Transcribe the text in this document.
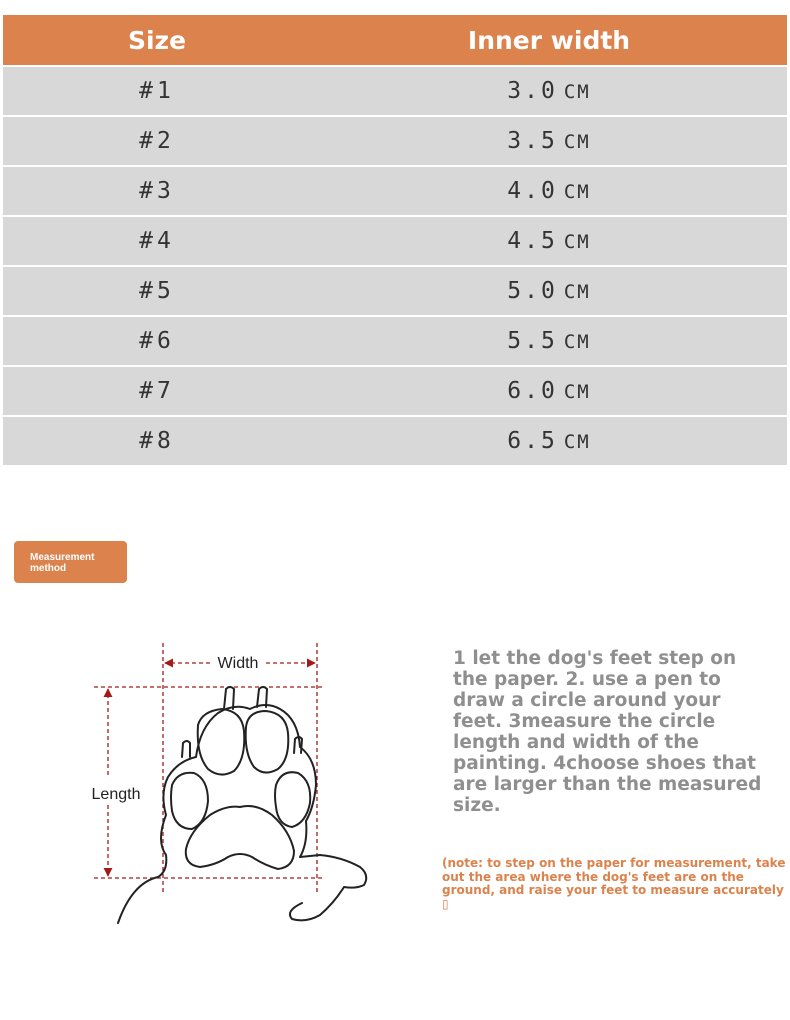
Size	Inner width
#1	3.0 CM
#2	3.5 CM
#3	4.0 CM
#4	4.5 CM
#5	5.0 CM
#6	5.5 CM
#7	6.0 CM
#8	6.5 CM
Measurement
method
Width
Length

1 let the dog's feet step on the paper. 2. use a pen to draw a circle around your feet. 3measure the circle length and width of the painting. 4choose shoes that are larger than the measured size.

(note: to step on the paper for measurement, take out the area where the dog's feet are on the ground, and raise your feet to measure accurately ▯
